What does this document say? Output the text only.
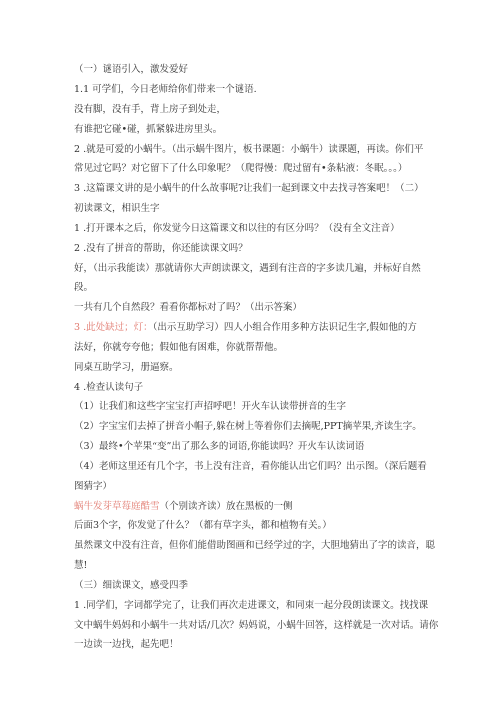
（一）谜语引入，激发爱好
1.1 可学们，今日老师给你们带来一个谜语.
没有脚，没有手，背上房子到处走，
有谁把它碰•碰，抓紧躲进房里头。
2 .就是可爱的小蜗牛。（出示蜗牛图片，板书课题：小蜗牛）读课题，再读。你们平
常见过它吗？对它留下了什么印象呢？（爬得慢：爬过留有•条粘液：冬眠。。。）
3 .这篇课文讲的是小蜗牛的什么故事呢?让我们一起到课文中去找寻答案吧！（二）
初读课文，相识生字
1 .打开课本之后，你发觉今日这篇课文和以往的有区分吗？（没有全文注音）
2 .没有了拼音的帮助，你还能读课文吗？
好，（出示我能读）那就请你大声朗读课文，遇到有注音的字多读几遍，并标好自然
段。
一共有几个自然段？看看你都标对了吗？（出示答案）
3 .此处缺过；灯：（出示互助学习）四人小组合作用多种方法识记生字,假如他的方
法好，你就夸夸他；假如他有困难，你就帮帮他。
同桌互助学习，册逼察。
4 .检查认读句子
（1）让我们和这些字宝宝打声招呼吧！开火车认读带拼音的生字
（2）字宝宝们去掉了拼音小帽子,躲在树上等着你们去摘呢,PPT摘苹果,齐读生字。
（3）最终•个苹果“变”出了那么多的词语,你能读吗？开火车认读词语
（4）老师这里还有几个字，书上没有注音，看你能认出它们吗？出示图。（深后题看
图猜字）
蜗牛发芽草莓庭酷雪（个别读齐读）放在黑板的一侧
后面3个字，你发觉了什么？（都有草字头，都和植物有关。）
虽然课文中没有注音，但你们能借助图画和已经学过的字，大胆地猜出了字的读音，聪
慧!
（三）细读课文，感受四季
1 .同学们，字词都学完了，让我们再次走进课文，和同束一起分段朗读课文。找找课
文中蜗牛妈妈和小蜗牛一共对话/几次？妈妈说，小蜗牛回答，这样就是一次对话。请你
一边读一边找，起先吧！
